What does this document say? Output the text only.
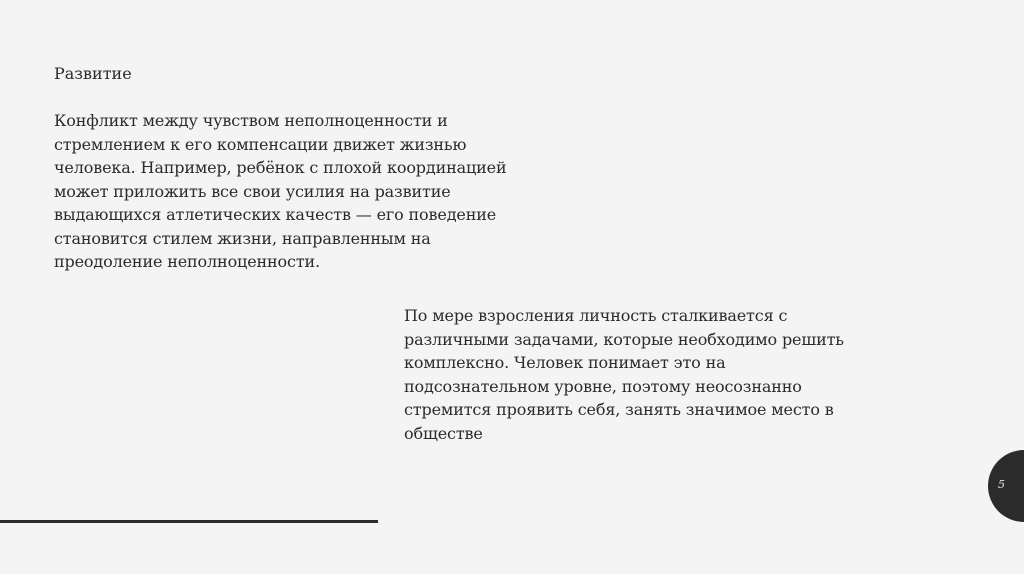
Развитие

Конфликт между чувством неполноценности и
стремлением к его компенсации движет жизнью
человека. Например, ребёнок с плохой координацией
может приложить все свои усилия на развитие
выдающихся атлетических качеств — его поведение
становится стилем жизни, направленным на
преодоление неполноценности.

По мере взросления личность сталкивается с
различными задачами, которые необходимо решить
комплексно. Человек понимает это на
подсознательном уровне, поэтому неосознанно
стремится проявить себя, занять значимое место в
обществе

5
